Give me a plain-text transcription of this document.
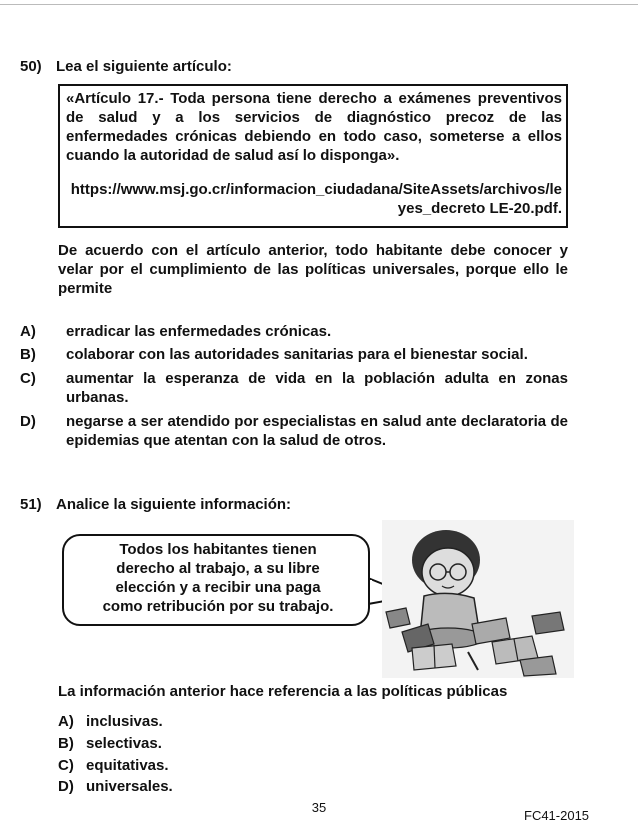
50) Lea el siguiente artículo:
«Artículo 17.- Toda persona tiene derecho a exámenes preventivos de salud y a los servicios de diagnóstico precoz de las enfermedades crónicas debiendo en todo caso, someterse a ellos cuando la autoridad de salud así lo disponga».
https://www.msj.go.cr/informacion_ciudadana/SiteAssets/archivos/leyes_decreto LE-20.pdf.
De acuerdo con el artículo anterior, todo habitante debe conocer y velar por el cumplimiento de las políticas universales, porque ello le permite
A) erradicar las enfermedades crónicas.
B) colaborar con las autoridades sanitarias para el bienestar social.
C) aumentar la esperanza de vida en la población adulta en zonas urbanas.
D) negarse a ser atendido por especialistas en salud ante declaratoria de epidemias que atentan con la salud de otros.
51) Analice la siguiente información:
Todos los habitantes tienen derecho al trabajo, a su libre elección y a recibir una paga como retribución por su trabajo.
La información anterior hace referencia a las políticas públicas
A) inclusivas.
B) selectivas.
C) equitativas.
D) universales.
35
FC41-2015
